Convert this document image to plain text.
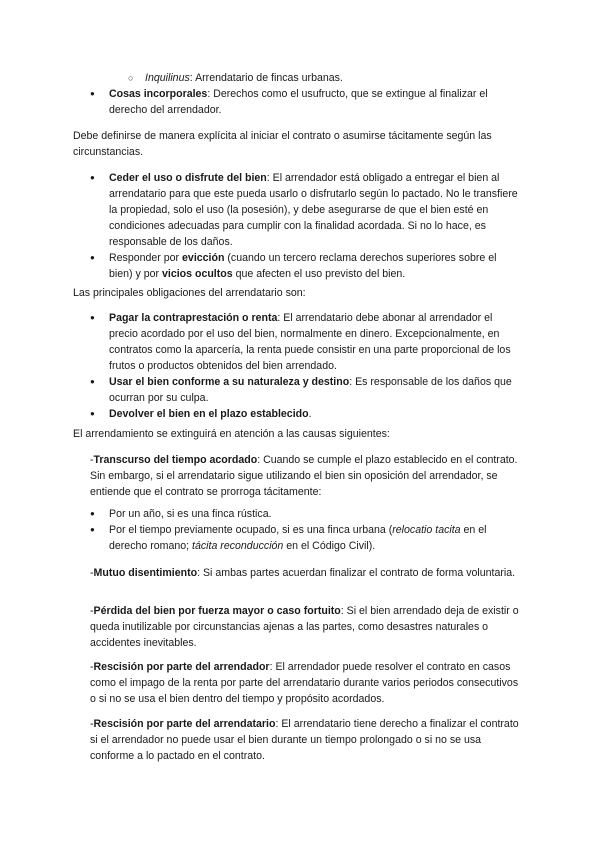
○	Inquilinus: Arrendatario de fincas urbanas.
● Cosas incorporales: Derechos como el usufructo, que se extingue al finalizar el derecho del arrendador.

Debe definirse de manera explícita al iniciar el contrato o asumirse tácitamente según las circunstancias.

● Ceder el uso o disfrute del bien: El arrendador está obligado a entregar el bien al arrendatario para que este pueda usarlo o disfrutarlo según lo pactado. No le transfiere la propiedad, solo el uso (la posesión), y debe asegurarse de que el bien esté en condiciones adecuadas para cumplir con la finalidad acordada. Si no lo hace, es responsable de los daños.
● Responder por evicción (cuando un tercero reclama derechos superiores sobre el bien) y por vicios ocultos que afecten el uso previsto del bien.

Las principales obligaciones del arrendatario son:

● Pagar la contraprestación o renta: El arrendatario debe abonar al arrendador el precio acordado por el uso del bien, normalmente en dinero. Excepcionalmente, en contratos como la aparcería, la renta puede consistir en una parte proporcional de los frutos o productos obtenidos del bien arrendado.
● Usar el bien conforme a su naturaleza y destino: Es responsable de los daños que ocurran por su culpa.
● Devolver el bien en el plazo establecido.

El arrendamiento se extinguirá en atención a las causas siguientes:

-Transcurso del tiempo acordado: Cuando se cumple el plazo establecido en el contrato. Sin embargo, si el arrendatario sigue utilizando el bien sin oposición del arrendador, se entiende que el contrato se prorroga tácitamente:
● Por un año, si es una finca rústica.
● Por el tiempo previamente ocupado, si es una finca urbana (relocatio tacita en el derecho romano; tácita reconducción en el Código Civil).
-Mutuo disentimiento: Si ambas partes acuerdan finalizar el contrato de forma voluntaria.
-Pérdida del bien por fuerza mayor o caso fortuito: Si el bien arrendado deja de existir o queda inutilizable por circunstancias ajenas a las partes, como desastres naturales o accidentes inevitables.
-Rescisión por parte del arrendador: El arrendador puede resolver el contrato en casos como el impago de la renta por parte del arrendatario durante varios periodos consecutivos o si no se usa el bien dentro del tiempo y propósito acordados.
-Rescisión por parte del arrendatario: El arrendatario tiene derecho a finalizar el contrato si el arrendador no puede usar el bien durante un tiempo prolongado o si no se usa conforme a lo pactado en el contrato.
